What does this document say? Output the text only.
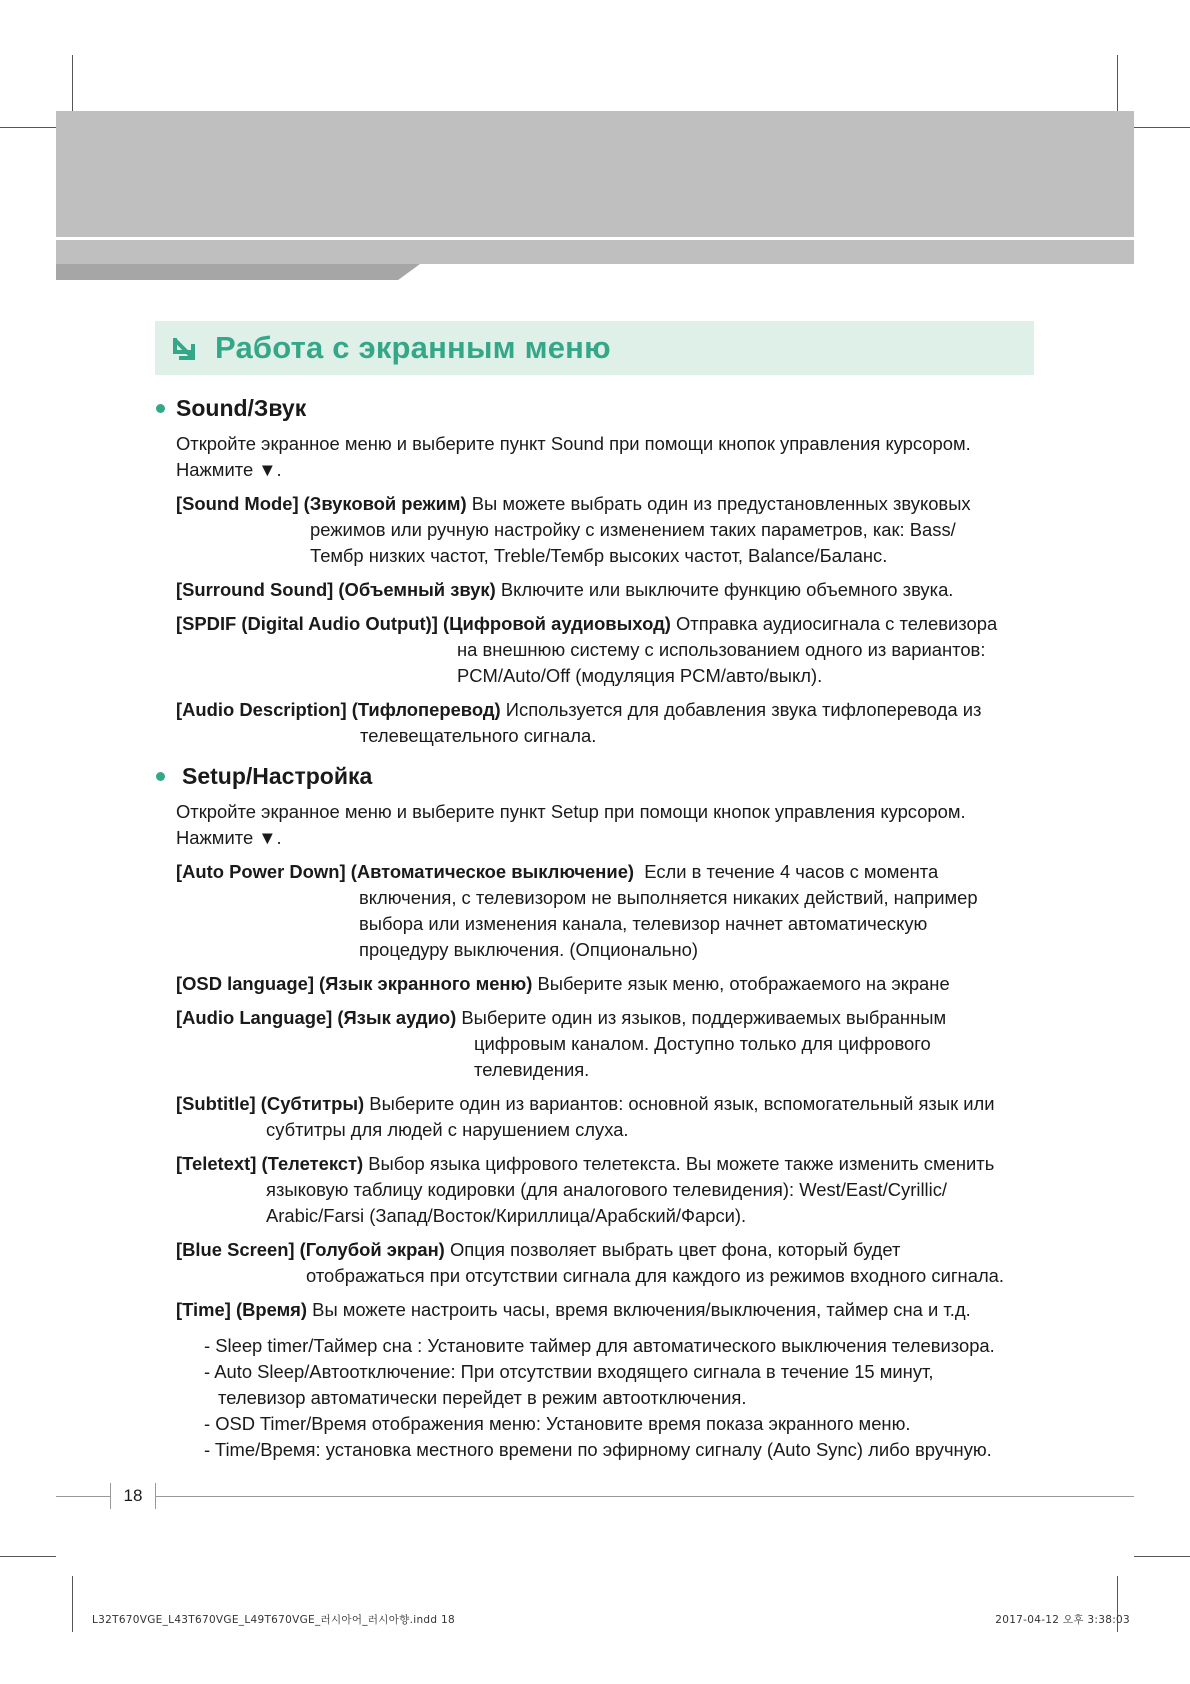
Работа с экранным меню
Sound/Звук
Откройте экранное меню и выберите пункт Sound при помощи кнопок управления курсором.
Нажмите ▼.
[Sound Mode] (Звуковой режим) Вы можете выбрать один из предустановленных звуковых
режимов или ручную настройку с изменением таких параметров, как: Bass/
Тембр низких частот, Treble/Тембр высоких частот, Balance/Баланс.
[Surround Sound] (Объемный звук) Включите или выключите функцию объемного звука.
[SPDIF (Digital Audio Output)] (Цифровой аудиовыход) Отправка аудиосигнала с телевизора
на внешнюю систему с использованием одного из вариантов:
PCM/Auto/Off (модуляция PCM/авто/выкл).
[Audio Description] (Тифлоперевод) Используется для добавления звука тифлоперевода из
телевещательного сигнала.
Setup/Настройка
Откройте экранное меню и выберите пункт Setup при помощи кнопок управления курсором.
Нажмите ▼.
[Auto Power Down] (Автоматическое выключение) Если в течение 4 часов с момента
включения, с телевизором не выполняется никаких действий, например
выбора или изменения канала, телевизор начнет автоматическую
процедуру выключения. (Опционально)
[OSD language] (Язык экранного меню) Выберите язык меню, отображаемого на экране
[Audio Language] (Язык аудио) Выберите один из языков, поддерживаемых выбранным
цифровым каналом. Доступно только для цифрового
телевидения.
[Subtitle] (Субтитры) Выберите один из вариантов: основной язык, вспомогательный язык или
субтитры для людей с нарушением слуха.
[Teletext] (Телетекст) Выбор языка цифрового телетекста. Вы можете также изменить сменить
языковую таблицу кодировки (для аналогового телевидения): West/East/Cyrillic/
Arabic/Farsi (Запад/Восток/Кириллица/Арабский/Фарси).
[Blue Screen] (Голубой экран) Опция позволяет выбрать цвет фона, который будет
отображаться при отсутствии сигнала для каждого из режимов входного сигнала.
[Time] (Время) Вы можете настроить часы, время включения/выключения, таймер сна и т.д.
- Sleep timer/Таймер сна : Установите таймер для автоматического выключения телевизора.
- Auto Sleep/Автоотключение: При отсутствии входящего сигнала в течение 15 минут,
телевизор автоматически перейдет в режим автоотключения.
- OSD Timer/Время отображения меню: Установите время показа экранного меню.
- Time/Время: установка местного времени по эфирному сигналу (Auto Sync) либо вручную.
18
L32T670VGE_L43T670VGE_L49T670VGE_러시아어_러시아향.indd 18	2017-04-12 오후 3:38:03
